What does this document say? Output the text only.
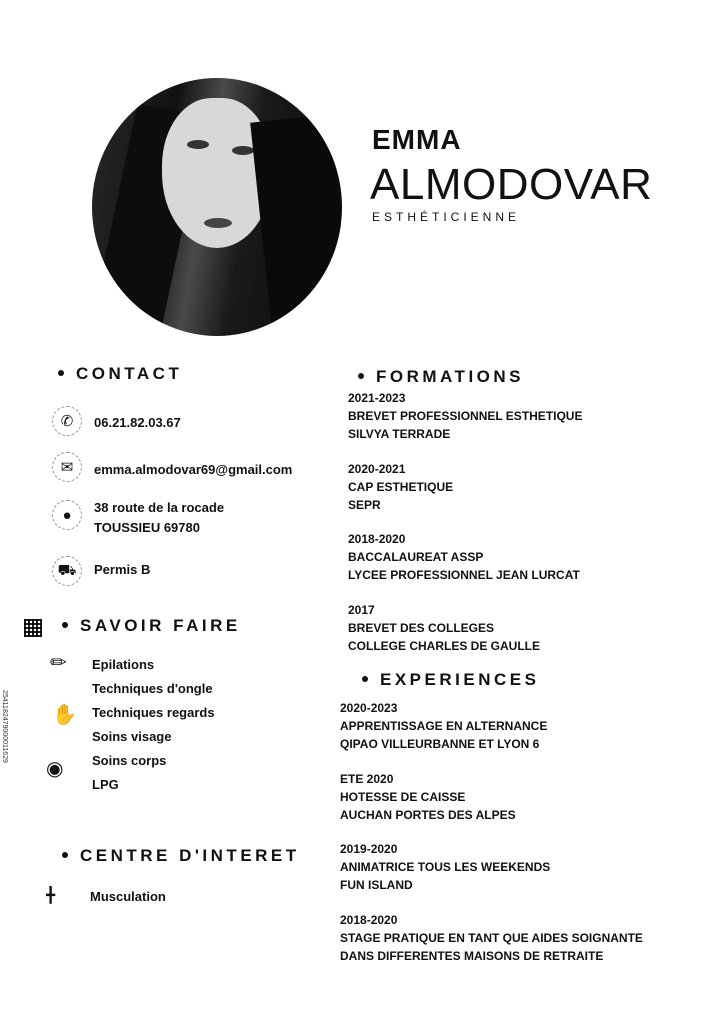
EMMA
ALMODOVAR
ESTHÉTICIENNE
CONTACT
✆	06.21.82.03.67
✉	emma.almodovar69@gmail.com
●	38 route de la rocade
TOUSSIEU 69780
⛟	Permis B
2541182479000011629
SAVOIR FAIRE
✏
✋
◉
Epilations
Techniques d'ongle
Techniques regards
Soins visage
Soins corps
LPG
CENTRE D'INTERET
╋	Musculation
FORMATIONS
2021-2023
BREVET PROFESSIONNEL ESTHETIQUE
SILVYA TERRADE
2020-2021
CAP ESTHETIQUE
SEPR
2018-2020
BACCALAUREAT ASSP
LYCEE PROFESSIONNEL JEAN LURCAT
2017
BREVET DES COLLEGES
COLLEGE CHARLES DE GAULLE
EXPERIENCES
2020-2023
APPRENTISSAGE EN ALTERNANCE
QIPAO VILLEURBANNE ET LYON 6
ETE 2020
HOTESSE DE CAISSE
AUCHAN PORTES DES ALPES
2019-2020
ANIMATRICE TOUS LES WEEKENDS
FUN ISLAND
2018-2020
STAGE PRATIQUE EN TANT QUE AIDES SOIGNANTE
DANS DIFFERENTES MAISONS DE RETRAITE
